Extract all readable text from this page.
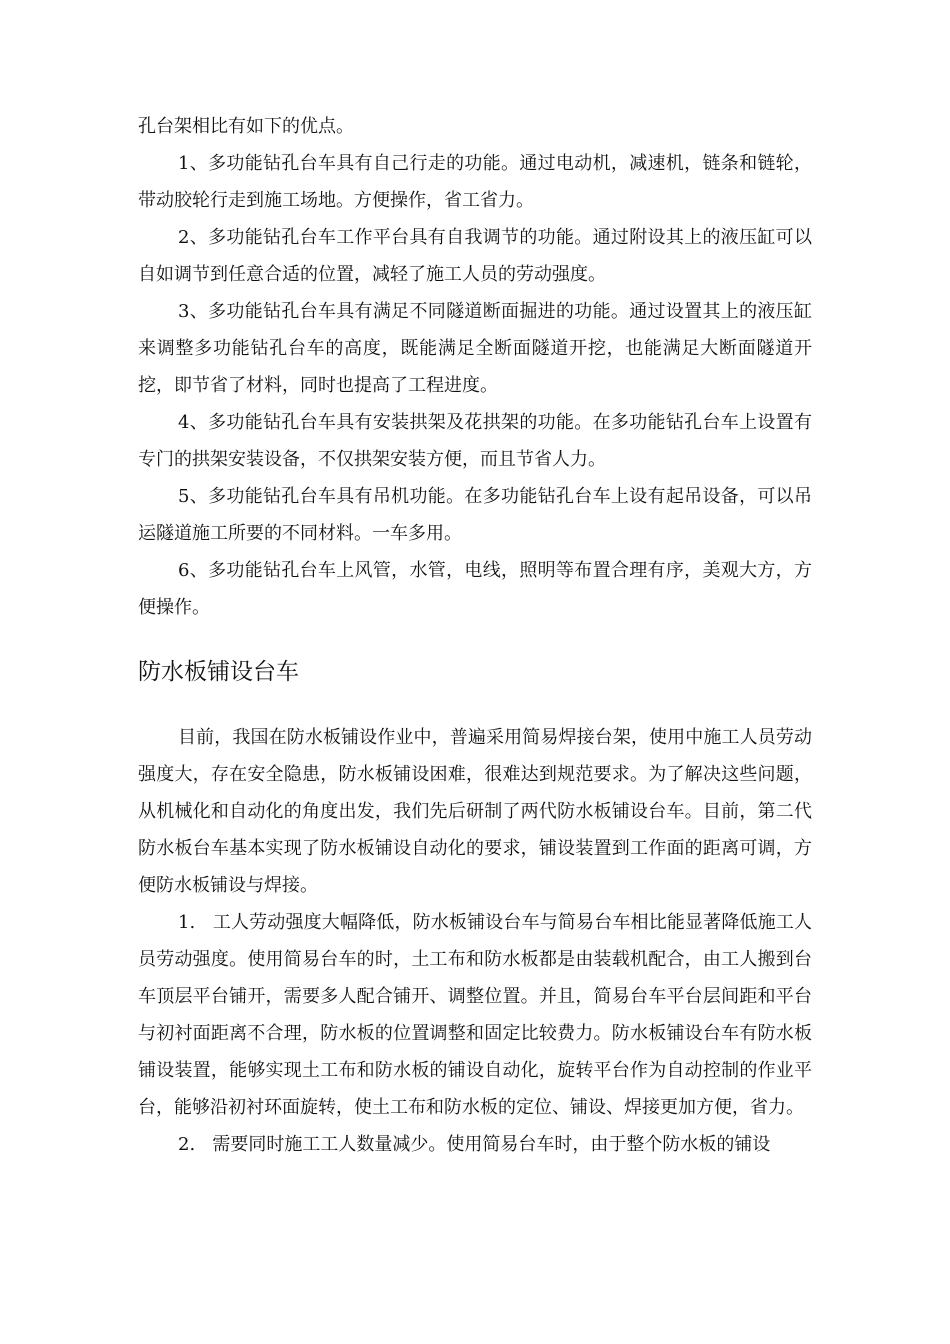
孔台架相比有如下的优点。

1、多功能钻孔台车具有自己行走的功能。通过电动机，减速机，链条和链轮，带动胶轮行走到施工场地。方便操作，省工省力。

2、多功能钻孔台车工作平台具有自我调节的功能。通过附设其上的液压缸可以自如调节到任意合适的位置，减轻了施工人员的劳动强度。

3、多功能钻孔台车具有满足不同隧道断面掘进的功能。通过设置其上的液压缸来调整多功能钻孔台车的高度，既能满足全断面隧道开挖，也能满足大断面隧道开挖，即节省了材料，同时也提高了工程进度。

4、多功能钻孔台车具有安装拱架及花拱架的功能。在多功能钻孔台车上设置有专门的拱架安装设备，不仅拱架安装方便，而且节省人力。

5、多功能钻孔台车具有吊机功能。在多功能钻孔台车上设有起吊设备，可以吊运隧道施工所要的不同材料。一车多用。

6、多功能钻孔台车上风管，水管，电线，照明等布置合理有序，美观大方，方便操作。

防水板铺设台车

目前，我国在防水板铺设作业中，普遍采用简易焊接台架，使用中施工人员劳动强度大，存在安全隐患，防水板铺设困难，很难达到规范要求。为了解决这些问题，从机械化和自动化的角度出发，我们先后研制了两代防水板铺设台车。目前，第二代防水板台车基本实现了防水板铺设自动化的要求，铺设装置到工作面的距离可调，方便防水板铺设与焊接。

1.   工人劳动强度大幅降低，防水板铺设台车与简易台车相比能显著降低施工人员劳动强度。使用简易台车的时，土工布和防水板都是由装载机配合，由工人搬到台车顶层平台铺开，需要多人配合铺开、调整位置。并且，简易台车平台层间距和平台与初衬面距离不合理，防水板的位置调整和固定比较费力。防水板铺设台车有防水板铺设装置，能够实现土工布和防水板的铺设自动化，旋转平台作为自动控制的作业平台，能够沿初衬环面旋转，使土工布和防水板的定位、铺设、焊接更加方便，省力。

2.   需要同时施工工人数量减少。使用简易台车时，由于整个防水板的铺设
